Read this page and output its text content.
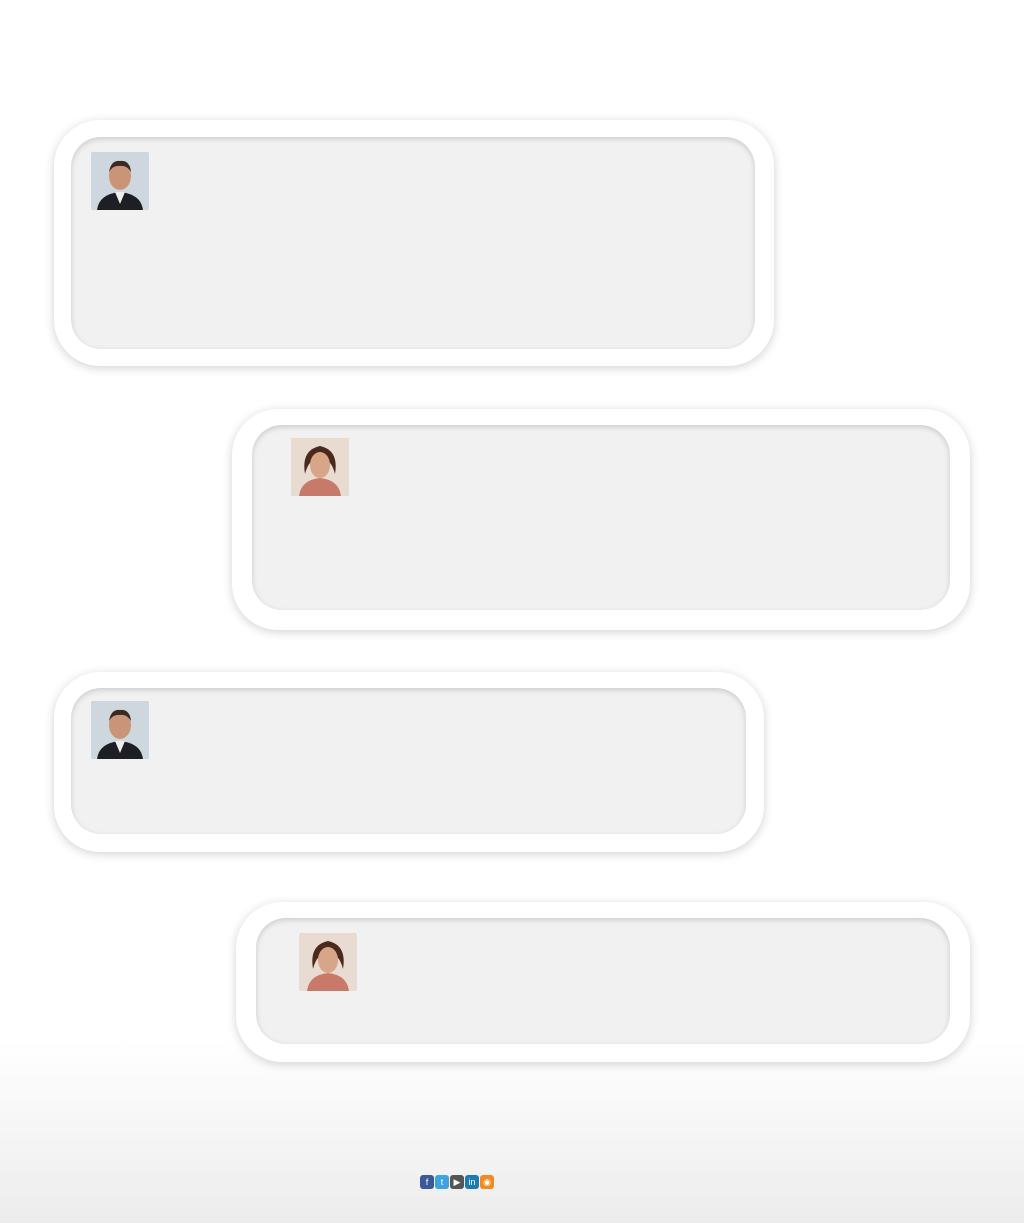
f t ▶ in ◉
